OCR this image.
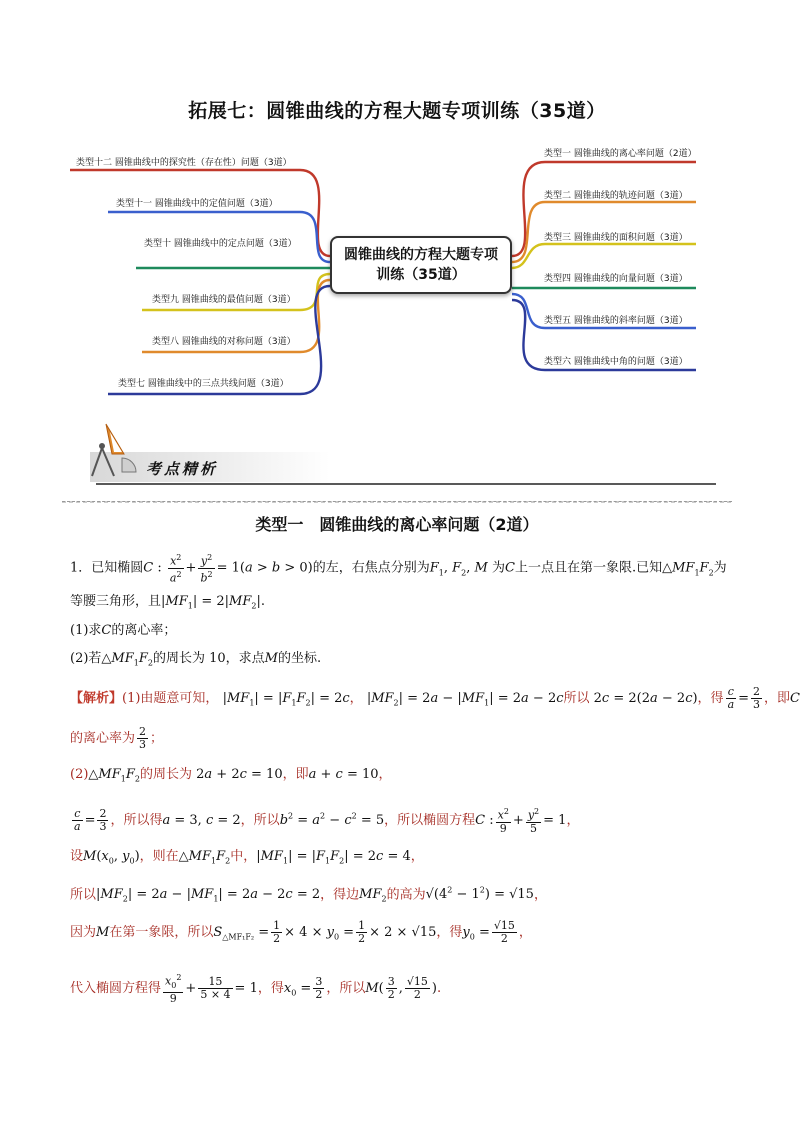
拓展七：圆锥曲线的方程大题专项训练（35道）
圆锥曲线的方程大题专项训练（35道）
类型十二 圆锥曲线中的探究性（存在性）问题（3道）
类型十一 圆锥曲线中的定值问题（3道）
类型十 圆锥曲线中的定点问题（3道）
类型九 圆锥曲线的最值问题（3道）
类型八 圆锥曲线的对称问题（3道）
类型七 圆锥曲线中的三点共线问题（3道）
类型一 圆锥曲线的离心率问题（2道）
类型二 圆锥曲线的轨迹问题（3道）
类型三 圆锥曲线的面积问题（3道）
类型四 圆锥曲线的向量问题（3道）
类型五 圆锥曲线的斜率问题（3道）
类型六 圆锥曲线中角的问题（3道）
考点精析
类型一　圆锥曲线的离心率问题（2道）
1．已知椭圆C : $\frac{x^2}{a^2} + \frac{y^2}{b^2} = 1(a > b > 0)$的左，右焦点分别为$F_1$, $F_2$, M 为C上一点且在第一象限.已知$\triangle MF_1F_2$为
等腰三角形，且$|MF_1| = 2|MF_2|$.
(1)求C的离心率；
(2)若$\triangle MF_1F_2$的周长为 10，求点M的坐标.
【解析】(1)由题意可知， $|MF_1| = |F_1F_2| = 2c$， $|MF_2| = 2a - |MF_1| = 2a - 2c$所以 2c = 2(2a − 2c)，得 $\frac{c}{a} = \frac{2}{3}$ ，即C
的离心率为 $\frac{2}{3}$ ；
$(2)\triangle MF_1F_2$的周长为 2a + 2c = 10，即a + c = 10，
$\frac{c}{a} = \frac{2}{3}$ ，所以得a = 3, c = 2，所以$b^2 = a^2 - c^2 = 5$，所以椭圆方程C : $\frac{x^2}{9} + \frac{y^2}{5} = 1$，
设$M(x_0$, $y_0$)，则在$\triangle MF_1F_2$中，$|MF_1| = |F_1F_2| = 2c = 4$，
所以$|MF_2| = 2a - |MF_1| = 2a - 2c = 2$，得边$MF_2$的高为$√(4^2 - 1^2) = √15$，
因为M在第一象限，所以$S_{\triangle MF_1F_2} = \frac{1}{2} \times 4 \times y_0 = \frac{1}{2} \times 2 \times √15$，得$y_0 = \frac{√15}{2}$ ，
代入椭圆方程得 $\frac{x_0^2}{9} + \frac{15}{5 \times 4} = 1$，得$x_0 = \frac{3}{2}$ ，所以$M( \frac{3}{2}$ , $\frac{√15}{2}$ ).
